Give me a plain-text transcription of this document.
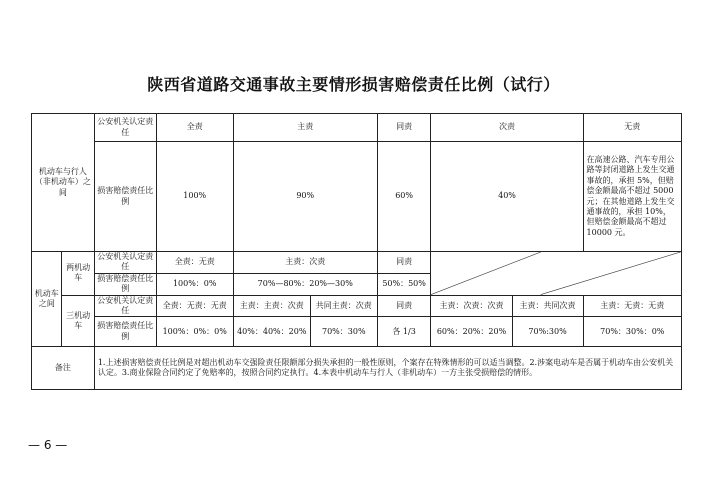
陕西省道路交通事故主要情形损害赔偿责任比例（试行）
机动车与行人（非机动车）之间		公安机关认定责任	全责	主责		同责	次责		无责
		损害赔偿责任比例	100%	90%		60%	40%		在高速公路、汽车专用公路等封闭道路上发生交通事故的，承担 5%，但赔偿金额最高不超过 5000 元；在其他道路上发生交通事故的，承担 10%，但赔偿金额最高不超过 10000 元。
机动车之间	两机动车	公安机关认定责任	全责：无责	主责：次责		同责	

		损害赔偿责任比例	100%：0%	70%—80%：20%—30%		50%：50%			
	三机动车	公安机关认定责任	全责：无责：无责	主责：主责：次责	共同主责：次责	同责	主责：次责：次责	主责：共同次责	主责：无责：无责
		损害赔偿责任比例	100%：0%：0%	40%：40%：20%	70%：30%	各 1/3	60%：20%：20%	70%:30%	70%：30%：0%
备注		1.上述损害赔偿责任比例是对超出机动车交强险责任限额部分损失承担的一般性原则，个案存在特殊情形的可以适当调整。2.涉案电动车是否属于机动车由公安机关认定。3.商业保险合同约定了免赔率的，按照合同约定执行。4.本表中机动车与行人（非机动车）一方主张受损赔偿的情形。							
— 6 —
